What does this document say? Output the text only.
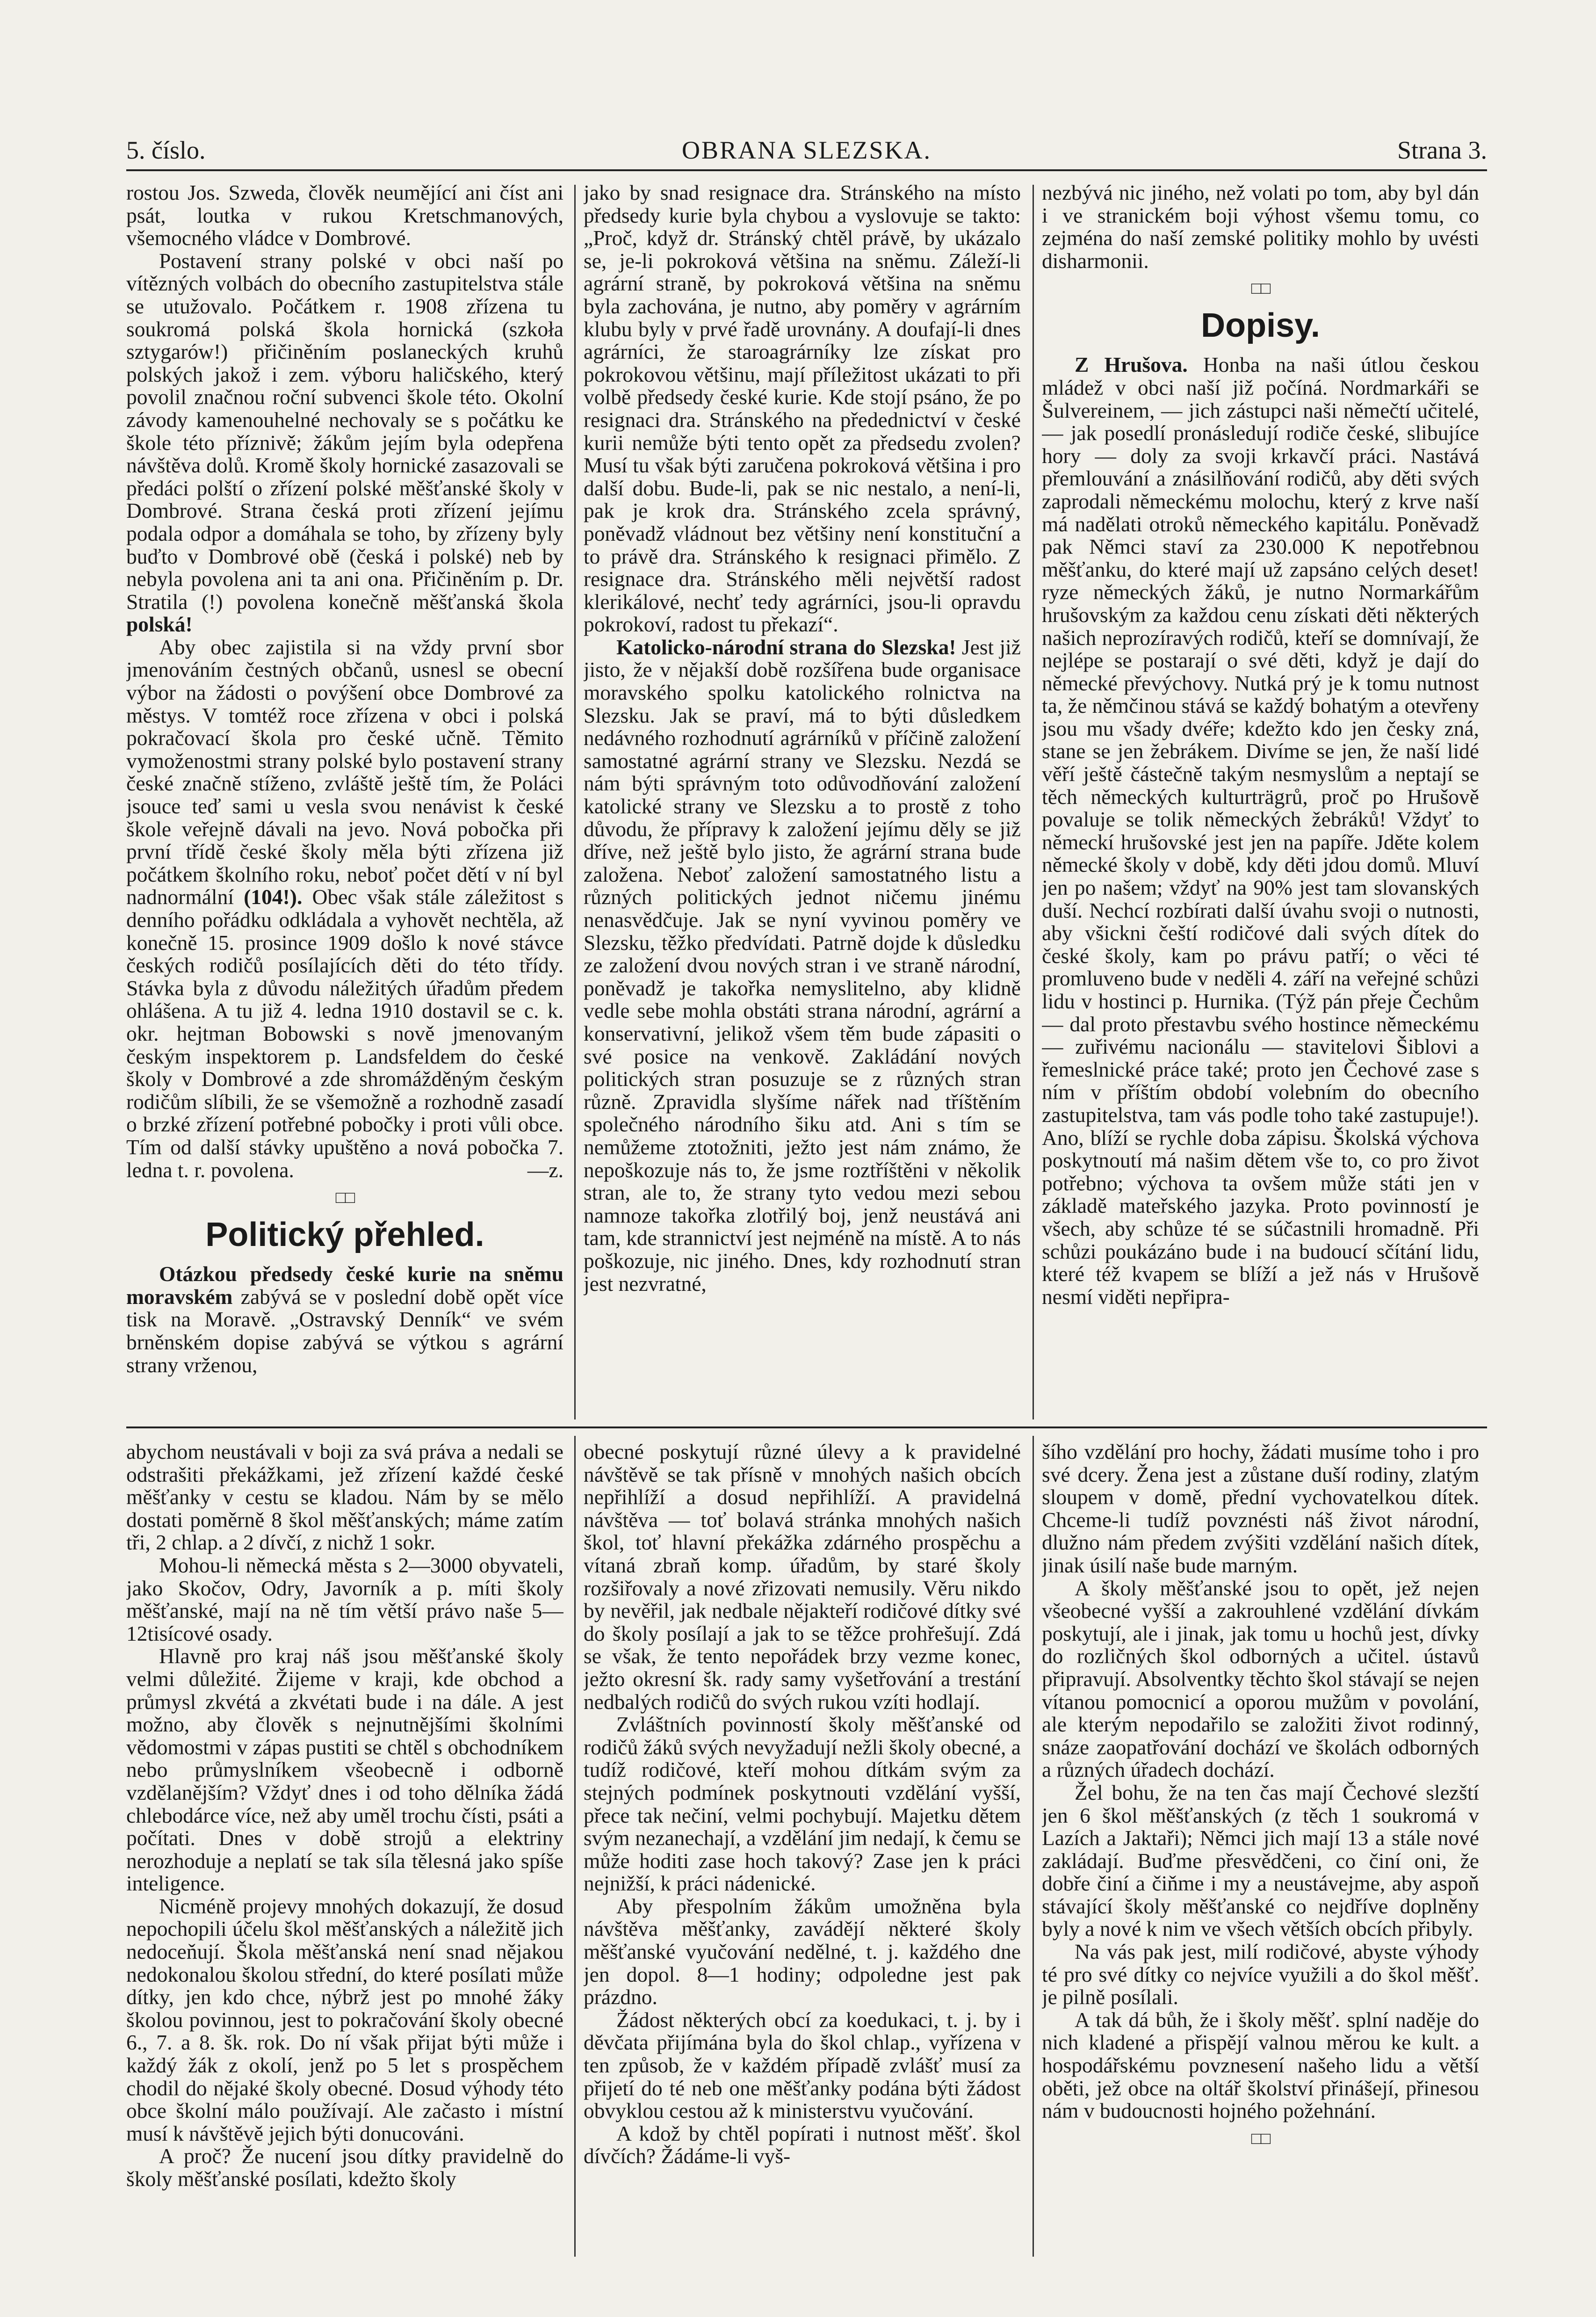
5. číslo.	OBRANA SLEZSKA.	Strana 3.

rostou Jos. Szweda, člověk neumějící ani číst ani psát, loutka v rukou Kretschmanových, všemocného vládce v Dombrové.

Postavení strany polské v obci naší po vítězných volbách do obecního zastupitelstva stále se utužovalo. Počátkem r. 1908 zřízena tu soukromá polská škola hornická (szkoła sztygarów!) přičiněním poslaneckých kruhů polských jakož i zem. výboru haličského, který povolil značnou roční subvenci škole této. Okolní závody kamenouhelné nechovaly se s počátku ke škole této příznivě; žákům jejím byla odepřena návštěva dolů. Kromě školy hornické zasazovali se předáci polští o zřízení polské měšťanské školy v Dombrové. Strana česká proti zřízení jejímu podala odpor a domáhala se toho, by zřízeny byly buďto v Dombrové obě (česká i polské) neb by nebyla povolena ani ta ani ona. Přičiněním p. Dr. Stratila (!) povolena konečně měšťanská škola polská!

Aby obec zajistila si na vždy první sbor jmenováním čestných občanů, usnesl se obecní výbor na žádosti o povýšení obce Dombrové za městys. V tomtéž roce zřízena v obci i polská pokračovací škola pro české učně. Těmito vymoženostmi strany polské bylo postavení strany české značně stíženo, zvláště ještě tím, že Poláci jsouce teď sami u vesla svou nenávist k české škole veřejně dávali na jevo. Nová pobočka při první třídě české školy měla býti zřízena již počátkem školního roku, neboť počet dětí v ní byl nadnormální (104!). Obec však stále záležitost s denního pořádku odkládala a vyhovět nechtěla, až konečně 15. prosince 1909 došlo k nové stávce českých rodičů posílajících děti do této třídy. Stávka byla z důvodu náležitých úřadům předem ohlášena. A tu již 4. ledna 1910 dostavil se c. k. okr. hejtman Bobowski s nově jmenovaným českým inspektorem p. Landsfeldem do české školy v Dombrové a zde shromážděným českým rodičům slíbili, že se všemožně a rozhodně zasadí o brzké zřízení potřebné pobočky i proti vůli obce. Tím od další stávky upuštěno a nová pobočka 7. ledna t. r. povolena.	—z.

□□
Politický přehled.

Otázkou předsedy české kurie na sněmu moravském zabývá se v poslední době opět více tisk na Moravě. „Ostravský Denník“ ve svém brněnském dopise zabývá se výtkou s agrární strany vrženou,

jako by snad resignace dra. Stránského na místo předsedy kurie byla chybou a vyslovuje se takto: „Proč, když dr. Stránský chtěl právě, by ukázalo se, je-li pokroková většina na sněmu. Záleží-li agrární straně, by pokroková většina na sněmu byla zachována, je nutno, aby poměry v agrárním klubu byly v prvé řadě urovnány. A doufají-li dnes agrárníci, že staroagrárníky lze získat pro pokrokovou většinu, mají příležitost ukázati to při volbě předsedy české kurie. Kde stojí psáno, že po resignaci dra. Stránského na předednictví v české kurii nemůže býti tento opět za předsedu zvolen? Musí tu však býti zaručena pokroková většina i pro další dobu. Bude-li, pak se nic nestalo, a není-li, pak je krok dra. Stránského zcela správný, poněvadž vládnout bez většiny není konstituční a to právě dra. Stránského k resignaci přimělo. Z resignace dra. Stránského měli největší radost klerikálové, nechť tedy agrárníci, jsou-li opravdu pokrokoví, radost tu překazí“.

Katolicko-národní strana do Slezska! Jest již jisto, že v nějakší době rozšířena bude organisace moravského spolku katolického rolnictva na Slezsku. Jak se praví, má to býti důsledkem nedávného rozhodnutí agrárníků v příčině založení samostatné agrární strany ve Slezsku. Nezdá se nám býti správným toto odůvodňování založení katolické strany ve Slezsku a to prostě z toho důvodu, že přípravy k založení jejímu děly se již dříve, než ještě bylo jisto, že agrární strana bude založena. Neboť založení samostatného listu a různých politických jednot ničemu jinému nenasvědčuje. Jak se nyní vyvinou poměry ve Slezsku, těžko předvídati. Patrně dojde k důsledku ze založení dvou nových stran i ve straně národní, poněvadž je takořka nemyslitelno, aby klidně vedle sebe mohla obstáti strana národní, agrární a konservativní, jelikož všem těm bude zápasiti o své posice na venkově. Zakládání nových politických stran posuzuje se z různých stran různě. Zpravidla slyšíme nářek nad tříštěním společného národního šiku atd. Ani s tím se nemůžeme ztotožniti, ježto jest nám známo, že nepoškozuje nás to, že jsme roztříštěni v několik stran, ale to, že strany tyto vedou mezi sebou namnoze takořka zlotřilý boj, jenž neustává ani tam, kde strannictví jest nejméně na místě. A to nás poškozuje, nic jiného. Dnes, kdy rozhodnutí stran jest nezvratné,

nezbývá nic jiného, než volati po tom, aby byl dán i ve stranickém boji výhost všemu tomu, co zejména do naší zemské politiky mohlo by uvésti disharmonii.

□□
Dopisy.

Z Hrušova. Honba na naši útlou českou mládež v obci naší již počíná. Nordmarkáři se Šulvereinem, — jich zástupci naši němečtí učitelé, — jak posedlí pronásledují rodiče české, slibujíce hory — doly za svoji krkavčí práci. Nastává přemlouvání a znásilňování rodičů, aby děti svých zaprodali německému molochu, který z krve naší má nadělati otroků německého kapitálu. Poněvadž pak Němci staví za 230.000 K nepotřebnou měšťanku, do které mají už zapsáno celých deset! ryze německých žáků, je nutno Normarkářům hrušovským za každou cenu získati děti některých našich neprozíravých rodičů, kteří se domnívají, že nejlépe se postarají o své děti, když je dají do německé převýchovy. Nutká prý je k tomu nutnost ta, že němčinou stává se každý bohatým a otevřeny jsou mu všady dvéře; kdežto kdo jen česky zná, stane se jen žebrákem. Divíme se jen, že naší lidé věří ještě částečně takým nesmyslům a neptají se těch německých kulturträgrů, proč po Hrušově povaluje se tolik německých žebráků! Vždyť to německí hrušovské jest jen na papíře. Jděte kolem německé školy v době, kdy děti jdou domů. Mluví jen po našem; vždyť na 90% jest tam slovanských duší. Nechcí rozbírati další úvahu svoji o nutnosti, aby všickni čeští rodičové dali svých dítek do české školy, kam po právu patří; o věci té promluveno bude v neděli 4. září na veřejné schůzi lidu v hostinci p. Hurnika. (Týž pán přeje Čechům — dal proto přestavbu svého hostince německému — zuřivému nacionálu — stavitelovi Šiblovi a řemeslnické práce také; proto jen Čechové zase s ním v příštím období volebním do obecního zastupitelstva, tam vás podle toho také zastupuje!). Ano, blíží se rychle doba zápisu. Školská výchova poskytnoutí má našim dětem vše to, co pro život potřebno; výchova ta ovšem může státi jen v základě mateřského jazyka. Proto povinností je všech, aby schůze té se súčastnili hromadně. Při schůzi poukázáno bude i na budoucí sčítání lidu, které též kvapem se blíží a jež nás v Hrušově nesmí viděti nepřipra-

abychom neustávali v boji za svá práva a nedali se odstrašiti překážkami, jež zřízení každé české měšťanky v cestu se kladou. Nám by se mělo dostati poměrně 8 škol měšťanských; máme zatím tři, 2 chlap. a 2 dívčí, z nichž 1 sokr.

Mohou-li německá města s 2—3000 obyvateli, jako Skočov, Odry, Javorník a p. míti školy měšťanské, mají na ně tím větší právo naše 5—12tisícové osady.

Hlavně pro kraj náš jsou měšťanské školy velmi důležité. Žijeme v kraji, kde obchod a průmysl zkvétá a zkvétati bude i na dále. A jest možno, aby člověk s nejnutnějšími školními vědomostmi v zápas pustiti se chtěl s obchodníkem nebo průmyslníkem všeobecně i odborně vzdělanějším? Vždyť dnes i od toho dělníka žádá chlebodárce více, než aby uměl trochu čísti, psáti a počítati. Dnes v době strojů a elektriny nerozhoduje a neplatí se tak síla tělesná jako spíše inteligence.

Nicméně projevy mnohých dokazují, že dosud nepochopili účelu škol měšťanských a náležitě jich nedoceňují. Škola měšťanská není snad nějakou nedokonalou školou střední, do které posílati může dítky, jen kdo chce, nýbrž jest po mnohé žáky školou povinnou, jest to pokračování školy obecné 6., 7. a 8. šk. rok. Do ní však přijat býti může i každý žák z okolí, jenž po 5 let s prospěchem chodil do nějaké školy obecné. Dosud výhody této obce školní málo používají. Ale začasto i místní musí k návštěvě jejich býti donucováni.

A proč? Že nucení jsou dítky pravidelně do školy měšťanské posílati, kdežto školy

obecné poskytují různé úlevy a k pravidelné návštěvě se tak přísně v mnohých našich obcích nepřihlíží a dosud nepřihlíží. A pravidelná návštěva — toť bolavá stránka mnohých našich škol, toť hlavní překážka zdárného prospěchu a vítaná zbraň komp. úřadům, by staré školy rozšiřovaly a nové zřizovati nemusily. Věru nikdo by nevěřil, jak nedbale nějakteří rodičové dítky své do školy posílají a jak to se těžce prohřešují. Zdá se však, že tento nepořádek brzy vezme konec, ježto okresní šk. rady samy vyšetřování a trestání nedbalých rodičů do svých rukou vzíti hodlají.

Zvláštních povinností školy měšťanské od rodičů žáků svých nevyžadují nežli školy obecné, a tudíž rodičové, kteří mohou dítkám svým za stejných podmínek poskytnouti vzdělání vyšší, přece tak nečiní, velmi pochybují. Majetku dětem svým nezanechají, a vzdělání jim nedají, k čemu se může hoditi zase hoch takový? Zase jen k práci nejnižší, k práci nádenické.

Aby přespolním žákům umožněna byla návštěva měšťanky, zavádějí některé školy měšťanské vyučování nedělné, t. j. každého dne jen dopol. 8—1 hodiny; odpoledne jest pak prázdno.

Žádost některých obcí za koedukaci, t. j. by i děvčata přijímána byla do škol chlap., vyřízena v ten způsob, že v každém případě zvlášť musí za přijetí do té neb one měšťanky podána býti žádost obvyklou cestou až k ministerstvu vyučování.

A kdož by chtěl popírati i nutnost měšť. škol dívčích? Žádáme-li vyš-

šího vzdělání pro hochy, žádati musíme toho i pro své dcery. Žena jest a zůstane duší rodiny, zlatým sloupem v domě, přední vychovatelkou dítek. Chceme-li tudíž povznésti náš život národní, dlužno nám předem zvýšiti vzdělání našich dítek, jinak úsilí naše bude marným.

A školy měšťanské jsou to opět, jež nejen všeobecné vyšší a zakrouhlené vzdělání dívkám poskytují, ale i jinak, jak tomu u hochů jest, dívky do rozličných škol odborných a učitel. ústavů připravují. Absolventky těchto škol stávají se nejen vítanou pomocnicí a oporou mužům v povolání, ale kterým nepodařilo se založiti život rodinný, snáze zaopatřování dochází ve školách odborných a různých úřadech dochází.

Žel bohu, že na ten čas mají Čechové slezští jen 6 škol měšťanských (z těch 1 soukromá v Lazích a Jaktaři); Němci jich mají 13 a stále nové zakládají. Buďme přesvědčeni, co činí oni, že dobře činí a čiňme i my a neustávejme, aby aspoň stávající školy měšťanské co nejdříve doplněny byly a nové k nim ve všech větších obcích přibyly.

Na vás pak jest, milí rodičové, abyste výhody té pro své dítky co nejvíce využili a do škol měšť. je pilně posílali.

A tak dá bůh, že i školy měšť. splní naděje do nich kladené a přispějí valnou měrou ke kult. a hospodářskému povznesení našeho lidu a větší oběti, jež obce na oltář školství přinášejí, přinesou nám v budoucnosti hojného požehnání.

□□
